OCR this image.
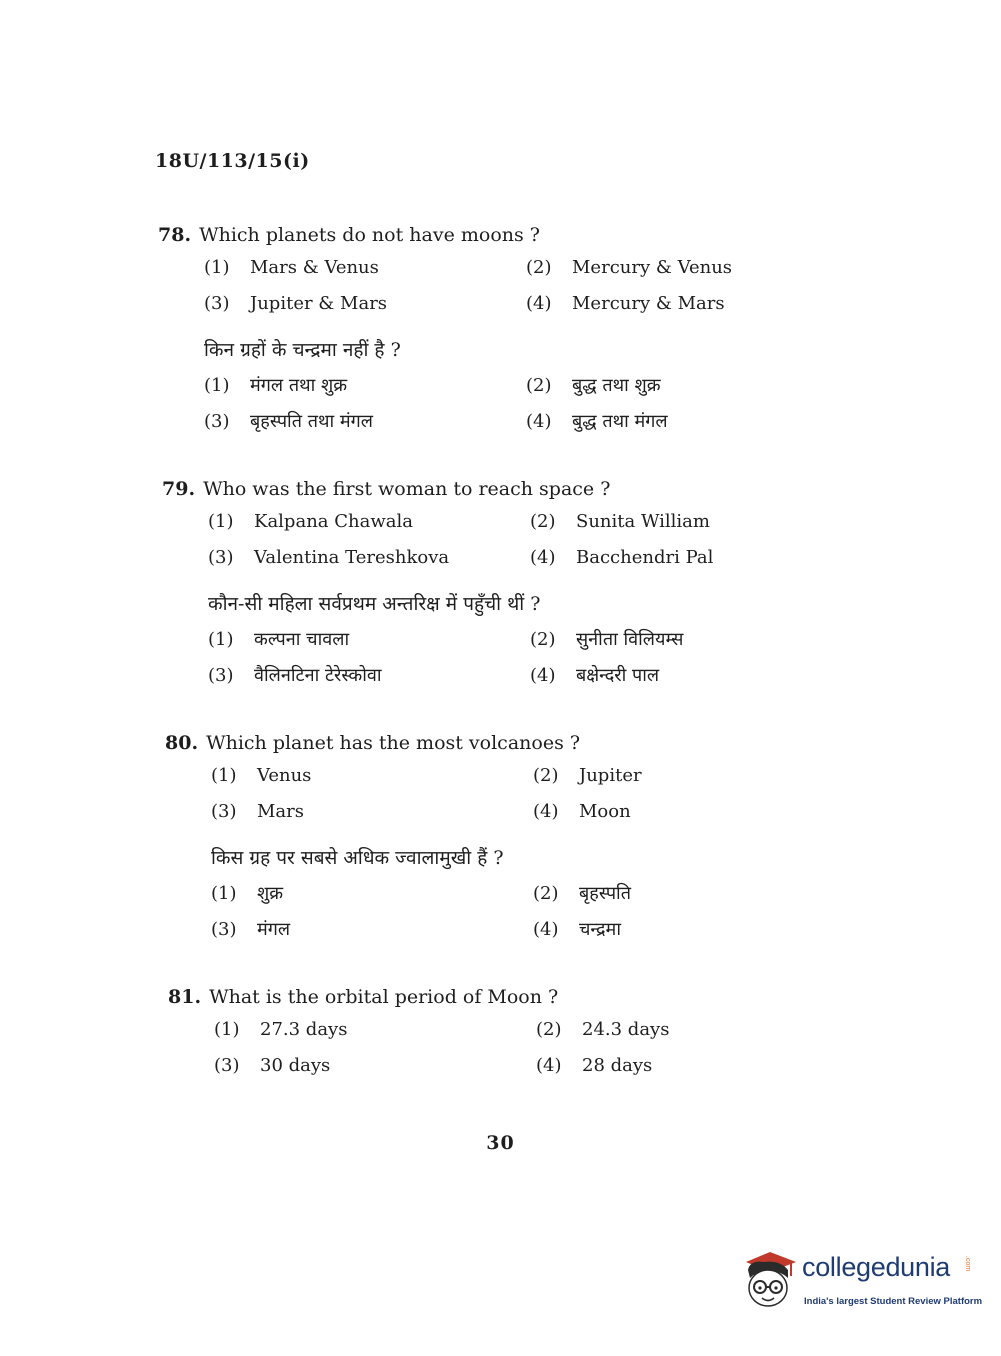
18U/113/15(i)
78. Which planets do not have moons ?
(1) Mars & Venus	(2) Mercury & Venus
(3) Jupiter & Mars	(4) Mercury & Mars
किन ग्रहों के चन्द्रमा नहीं है ?
(1) मंगल तथा शुक्र	(2) बुद्ध तथा शुक्र
(3) बृहस्पति तथा मंगल	(4) बुद्ध तथा मंगल
79. Who was the first woman to reach space ?
(1) Kalpana Chawala	(2) Sunita William
(3) Valentina Tereshkova	(4) Bacchendri Pal
कौन-सी महिला सर्वप्रथम अन्तरिक्ष में पहुँची थीं ?
(1) कल्पना चावला	(2) सुनीता विलियम्स
(3) वैलिनटिना टेरेस्कोवा	(4) बक्षेन्दरी पाल
80. Which planet has the most volcanoes ?
(1) Venus	(2) Jupiter
(3) Mars	(4) Moon
किस ग्रह पर सबसे अधिक ज्वालामुखी हैं ?
(1) शुक्र	(2) बृहस्पति
(3) मंगल	(4) चन्द्रमा
81. What is the orbital period of Moon ?
(1) 27.3 days	(2) 24.3 days
(3) 30 days	(4) 28 days
30
collegedunia .com
India's largest Student Review Platform
